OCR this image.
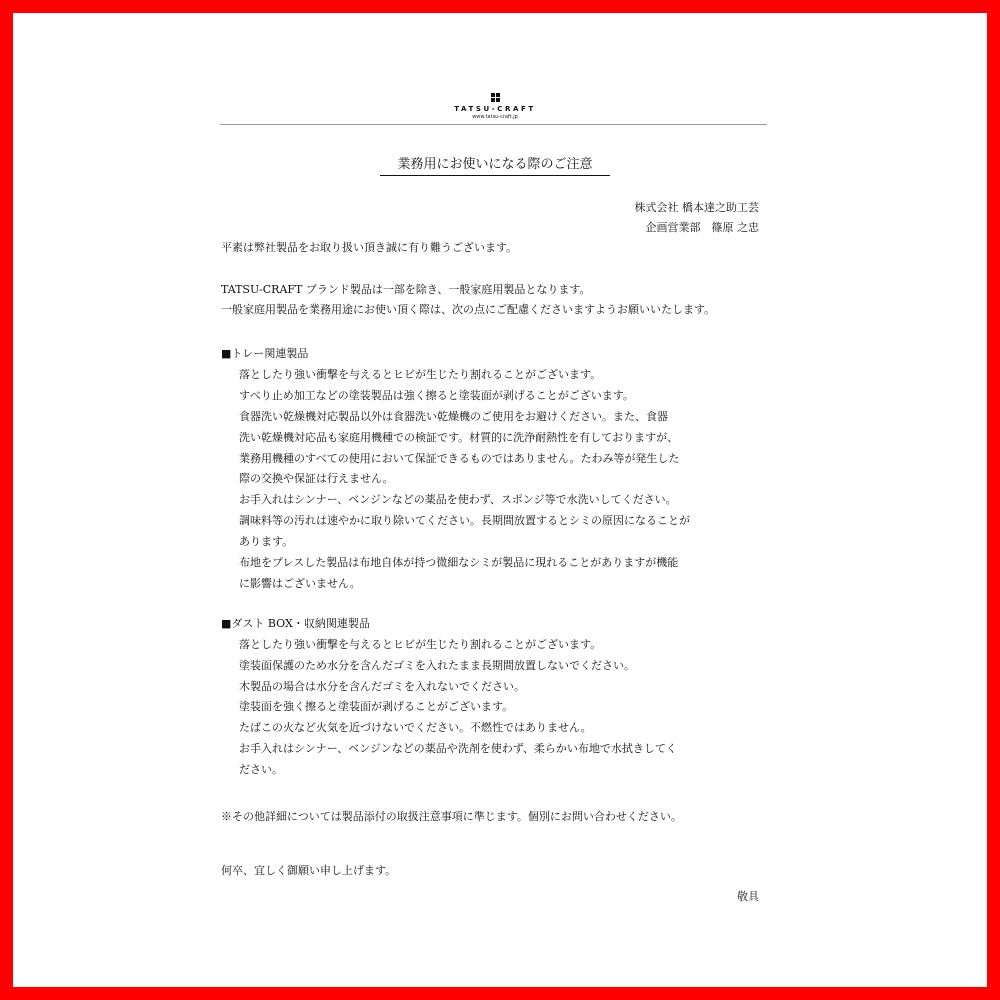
TATSU-CRAFT
www.tatsu-craft.jp
業務用にお使いになる際のご注意
株式会社 橋本達之助工芸
企画営業部　篠原 之忠
平素は弊社製品をお取り扱い頂き誠に有り難うございます。
TATSU-CRAFT ブランド製品は一部を除き、一般家庭用製品となります。
一般家庭用製品を業務用途にお使い頂く際は、次の点にご配慮くださいますようお願いいたします。
■トレー関連製品
落としたり強い衝撃を与えるとヒビが生じたり割れることがございます。
すべり止め加工などの塗装製品は強く擦ると塗装面が剥げることがございます。
食器洗い乾燥機対応製品以外は食器洗い乾燥機のご使用をお避けください。また、食器
洗い乾燥機対応品も家庭用機種での検証です。材質的に洗浄耐熱性を有しておりますが、
業務用機種のすべての使用において保証できるものではありません。たわみ等が発生した
際の交換や保証は行えません。
お手入れはシンナー、ベンジンなどの薬品を使わず、スポンジ等で水洗いしてください。
調味料等の汚れは速やかに取り除いてください。長期間放置するとシミの原因になることが
あります。
布地をプレスした製品は布地自体が持つ微細なシミが製品に現れることがありますが機能
に影響はございません。
■ダスト BOX・収納関連製品
落としたり強い衝撃を与えるとヒビが生じたり割れることがございます。
塗装面保護のため水分を含んだゴミを入れたまま長期間放置しないでください。
木製品の場合は水分を含んだゴミを入れないでください。
塗装面を強く擦ると塗装面が剥げることがございます。
たばこの火など火気を近づけないでください。不燃性ではありません。
お手入れはシンナー、ベンジンなどの薬品や洗剤を使わず、柔らかい布地で水拭きしてく
ださい。
※その他詳細については製品添付の取扱注意事項に準じます。個別にお問い合わせください。
何卒、宜しく御願い申し上げます。
敬具
